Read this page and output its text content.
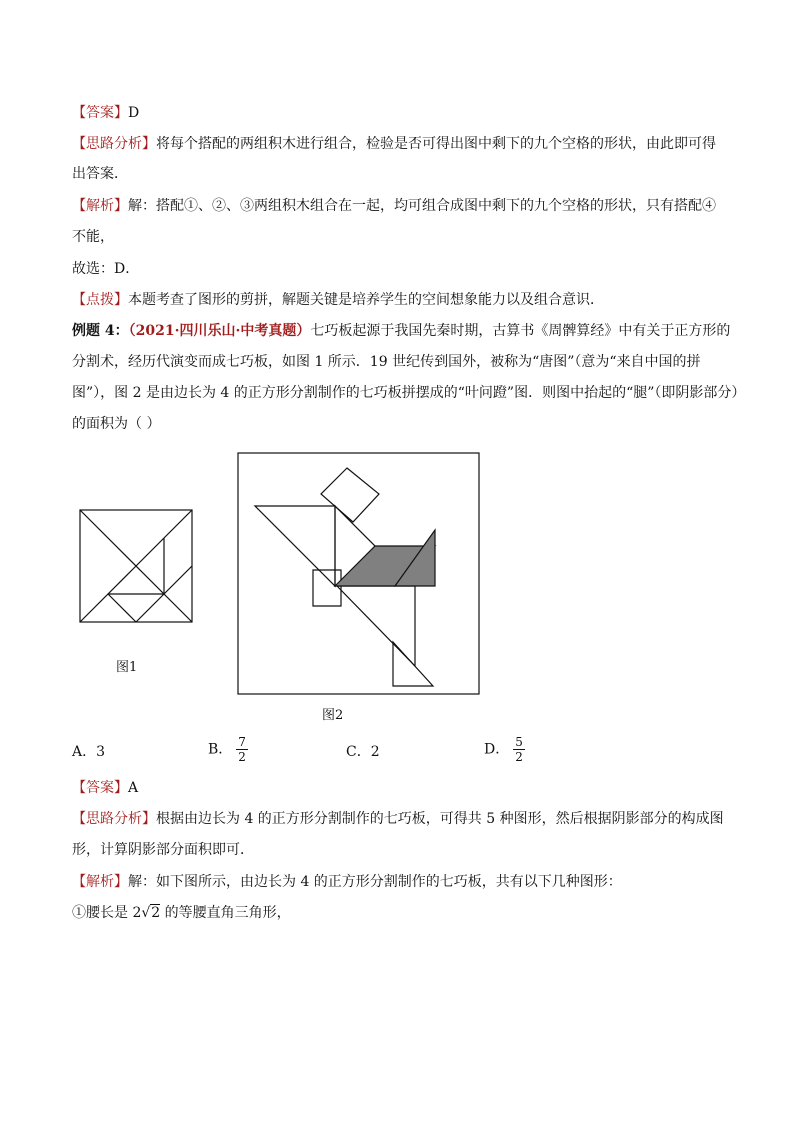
【答案】D
【思路分析】将每个搭配的两组积木进行组合，检验是否可得出图中剩下的九个空格的形状，由此即可得
出答案．
【解析】解：搭配①、②、③两组积木组合在一起，均可组合成图中剩下的九个空格的形状，只有搭配④
不能，
故选：D．
【点拨】本题考查了图形的剪拼，解题关键是培养学生的空间想象能力以及组合意识．
例题 4：（2021·四川乐山·中考真题）七巧板起源于我国先秦时期，古算书《周髀算经》中有关于正方形的
分割术，经历代演变而成七巧板，如图 1 所示．19 世纪传到国外，被称为“唐图”（意为“来自中国的拼
图”），图 2 是由边长为 4 的正方形分割制作的七巧板拼摆成的“叶问蹬”图．则图中抬起的“腿”（即阴影部分）
的面积为（ ）
图1
图2
A．3	B． $\frac{7}{2}$	C．2	D． $\frac{5}{2}$
【答案】A
【思路分析】根据由边长为 4 的正方形分割制作的七巧板，可得共 5 种图形，然后根据阴影部分的构成图
形，计算阴影部分面积即可．
【解析】解：如下图所示，由边长为 4 的正方形分割制作的七巧板，共有以下几种图形：
①腰长是 2√2 的等腰直角三角形，
